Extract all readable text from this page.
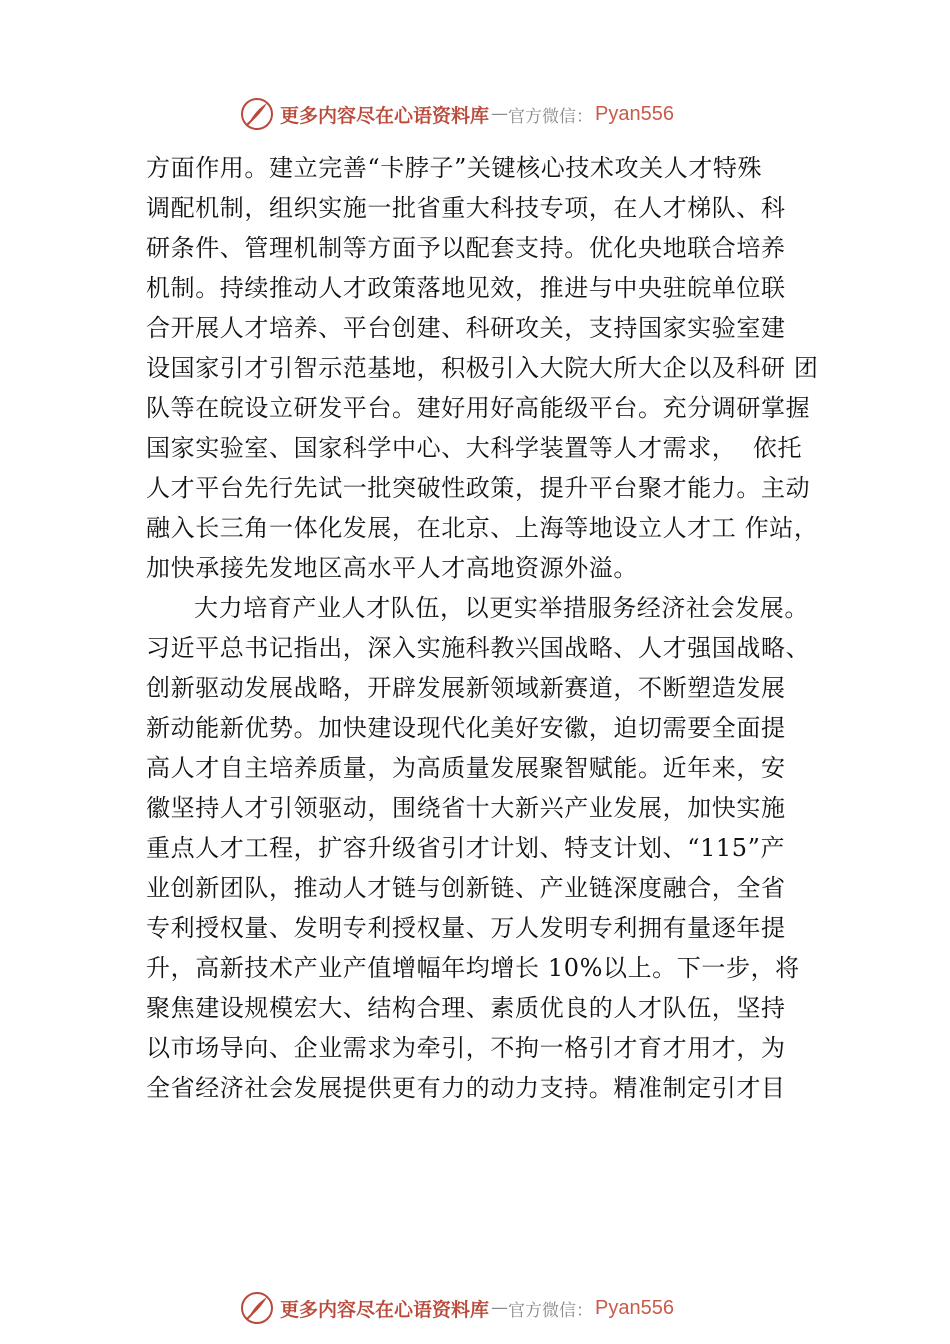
更多内容尽在心语资料库 — 官方微信： Pyan556
方面作用。建立完善“卡脖子”关键核心技术攻关人才特殊
调配机制，组织实施一批省重大科技专项，在人才梯队、科
研条件、管理机制等方面予以配套支持。优化央地联合培养
机制。持续推动人才政策落地见效，推进与中央驻皖单位联
合开展人才培养、平台创建、科研攻关，支持国家实验室建
设国家引才引智示范基地，积极引入大院大所大企以及科研 团
队等在皖设立研发平台。建好用好高能级平台。充分调研掌握
国家实验室、国家科学中心、大科学装置等人才需求，  依托
人才平台先行先试一批突破性政策，提升平台聚才能力。主动
融入长三角一体化发展，在北京、上海等地设立人才工 作站，
加快承接先发地区高水平人才高地资源外溢。
大力培育产业人才队伍，以更实举措服务经济社会发展。
习近平总书记指出，深入实施科教兴国战略、人才强国战略、
创新驱动发展战略，开辟发展新领域新赛道，不断塑造发展
新动能新优势。加快建设现代化美好安徽，迫切需要全面提
高人才自主培养质量，为高质量发展聚智赋能。近年来，安
徽坚持人才引领驱动，围绕省十大新兴产业发展，加快实施
重点人才工程，扩容升级省引才计划、特支计划、“115”产
业创新团队，推动人才链与创新链、产业链深度融合，全省
专利授权量、发明专利授权量、万人发明专利拥有量逐年提
升，高新技术产业产值增幅年均增长 10%以上。下一步，将
聚焦建设规模宏大、结构合理、素质优良的人才队伍，坚持
以市场导向、企业需求为牵引，不拘一格引才育才用才，为
全省经济社会发展提供更有力的动力支持。精准制定引才目
更多内容尽在心语资料库 — 官方微信： Pyan556
